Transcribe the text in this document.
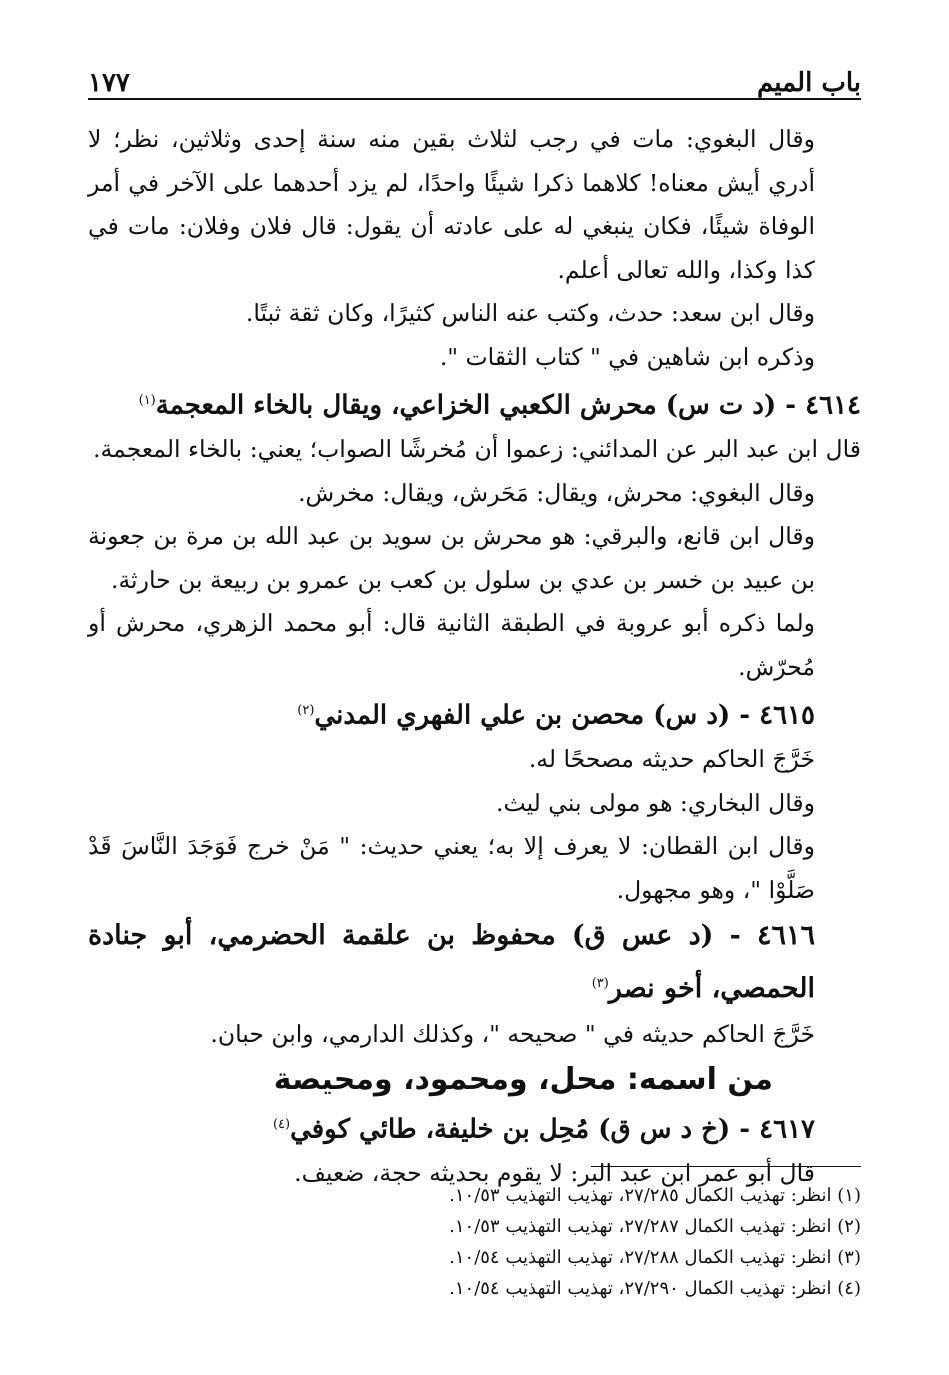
باب الميم
١٧٧

وقال البغوي: مات في رجب لثلاث بقين منه سنة إحدى وثلاثين، نظر؛ لا أدري أيش معناه! كلاهما ذكرا شيئًا واحدًا، لم يزد أحدهما على الآخر في أمر الوفاة شيئًا، فكان ينبغي له على عادته أن يقول: قال فلان وفلان: مات في كذا وكذا، والله تعالى أعلم.

وقال ابن سعد: حدث، وكتب عنه الناس كثيرًا، وكان ثقة ثبتًا.

وذكره ابن شاهين في " كتاب الثقات ".

٤٦١٤ - (د ت س) محرش الكعبي الخزاعي، ويقال بالخاء المعجمة$^{(١)}$

قال ابن عبد البر عن المدائني: زعموا أن مُخرشًا الصواب؛ يعني: بالخاء المعجمة.

وقال البغوي: محرش، ويقال: مَحَرش، ويقال: مخرش.

وقال ابن قانع، والبرقي: هو محرش بن سويد بن عبد الله بن مرة بن جعونة بن عبيد بن خسر بن عدي بن سلول بن كعب بن عمرو بن ربيعة بن حارثة.

ولما ذكره أبو عروبة في الطبقة الثانية قال: أبو محمد الزهري، محرش أو مُحرّش.

٤٦١٥ - (د س) محصن بن علي الفهري المدني$^{(٢)}$

خَرَّجَ الحاكم حديثه مصححًا له.

وقال البخاري: هو مولى بني ليث.

وقال ابن القطان: لا يعرف إلا به؛ يعني حديث: " مَنْ خرج فَوَجَدَ النَّاسَ قَدْ صَلَّوْا "، وهو مجهول.

٤٦١٦ - (د عس ق) محفوظ بن علقمة الحضرمي، أبو جنادة الحمصي، أخو نصر$^{(٣)}$

خَرَّجَ الحاكم حديثه في " صحيحه "، وكذلك الدارمي، وابن حبان.

من اسمه: محل، ومحمود، ومحيصة

٤٦١٧ - (خ د س ق) مُحِل بن خليفة، طائي كوفي$^{(٤)}$

قال أبو عمر ابن عبد البر: لا يقوم بحديثه حجة، ضعيف.

(١) انظر: تهذيب الكمال ٢٧/٢٨٥، تهذيب التهذيب ١٠/٥٣.

(٢) انظر: تهذيب الكمال ٢٧/٢٨٧، تهذيب التهذيب ١٠/٥٣.

(٣) انظر: تهذيب الكمال ٢٧/٢٨٨، تهذيب التهذيب ١٠/٥٤.

(٤) انظر: تهذيب الكمال ٢٧/٢٩٠، تهذيب التهذيب ١٠/٥٤.
